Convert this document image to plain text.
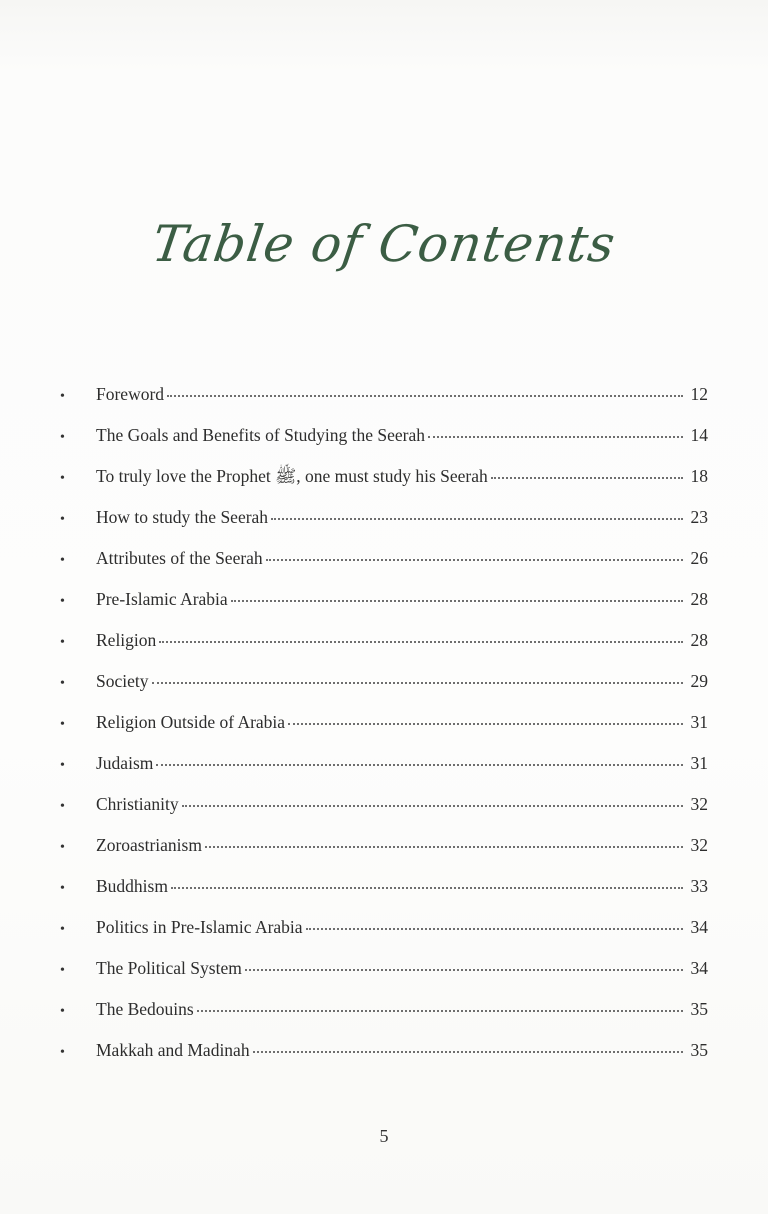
Table of Contents
•	Foreword	12
•	The Goals and Benefits of Studying the Seerah	14
•	To truly love the Prophet ﷺ, one must study his Seerah	18
•	How to study the Seerah	23
•	Attributes of the Seerah	26
•	Pre-Islamic Arabia	28
•	Religion	28
•	Society	29
•	Religion Outside of Arabia	31
•	Judaism	31
•	Christianity	32
•	Zoroastrianism	32
•	Buddhism	33
•	Politics in Pre-Islamic Arabia	34
•	The Political System	34
•	The Bedouins	35
•	Makkah and Madinah	35
5
